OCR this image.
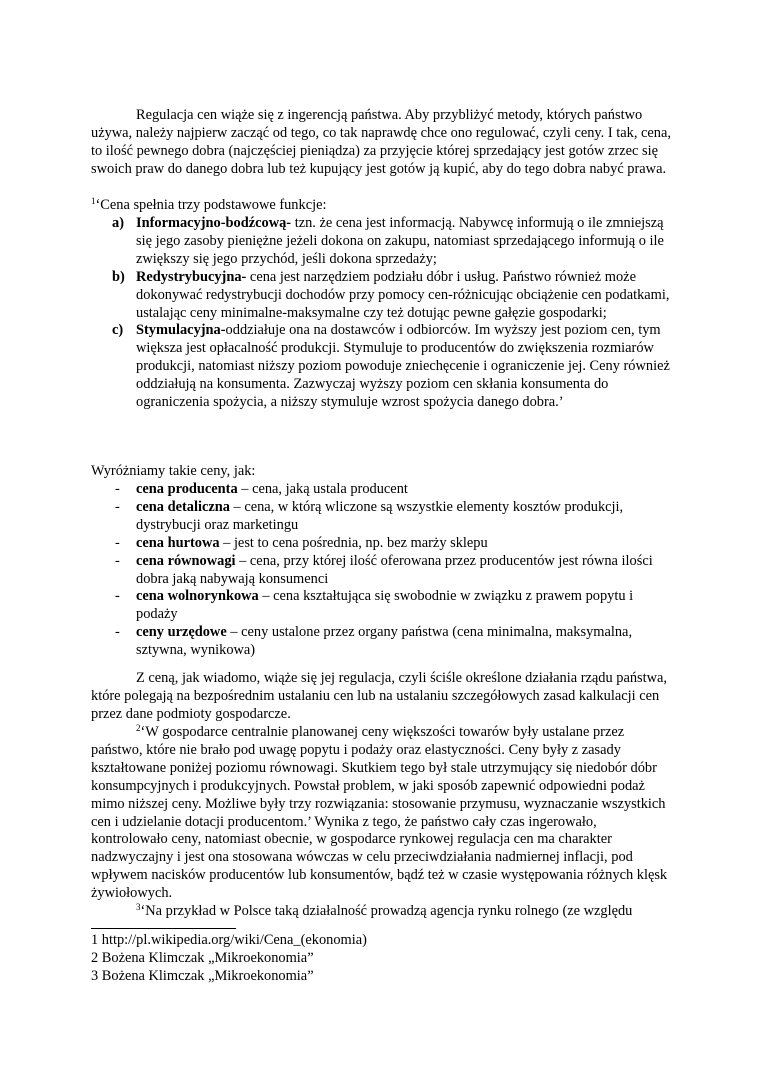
Regulacja cen wiąże się z ingerencją państwa. Aby przybliżyć metody, których państwo używa, należy najpierw zacząć od tego, co tak naprawdę chce ono regulować, czyli ceny. I tak, cena, to ilość pewnego dobra (najczęściej pieniądza) za przyjęcie której sprzedający jest gotów zrzec się swoich praw do danego dobra lub też kupujący jest gotów ją kupić, aby do tego dobra nabyć prawa.

$^1$‘Cena spełnia trzy podstawowe funkcje:

a) Informacyjno-bodźcową- tzn. że cena jest informacją. Nabywcę informują o ile zmniejszą się jego zasoby pieniężne jeżeli dokona on zakupu, natomiast sprzedającego informują o ile zwiększy się jego przychód, jeśli dokona sprzedaży;
b) Redystrybucyjna- cena jest narzędziem podziału dóbr i usług. Państwo również może dokonywać redystrybucji dochodów przy pomocy cen-różnicując obciążenie cen podatkami, ustalając ceny minimalne-maksymalne czy też dotując pewne gałęzie gospodarki;
c) Stymulacyjna-oddziałuje ona na dostawców i odbiorców. Im wyższy jest poziom cen, tym większa jest opłacalność produkcji. Stymuluje to producentów do zwiększenia rozmiarów produkcji, natomiast niższy poziom powoduje zniechęcenie i ograniczenie jej. Ceny również oddziałują na konsumenta. Zazwyczaj wyższy poziom cen skłania konsumenta do ograniczenia spożycia, a niższy stymuluje wzrost spożycia danego dobra.’

Wyróżniamy takie ceny, jak:

- cena producenta – cena, jaką ustala producent
- cena detaliczna – cena, w którą wliczone są wszystkie elementy kosztów produkcji, dystrybucji oraz marketingu
- cena hurtowa – jest to cena pośrednia, np. bez marży sklepu
- cena równowagi – cena, przy której ilość oferowana przez producentów jest równa ilości dobra jaką nabywają konsumenci
- cena wolnorynkowa – cena kształtująca się swobodnie w związku z prawem popytu i podaży
- ceny urzędowe – ceny ustalone przez organy państwa (cena minimalna, maksymalna, sztywna, wynikowa)

Z ceną, jak wiadomo, wiąże się jej regulacja, czyli ściśle określone działania rządu państwa, które polegają na bezpośrednim ustalaniu cen lub na ustalaniu szczegółowych zasad kalkulacji cen przez dane podmioty gospodarcze.

$^2$‘W gospodarce centralnie planowanej ceny większości towarów były ustalane przez państwo, które nie brało pod uwagę popytu i podaży oraz elastyczności. Ceny były z zasady kształtowane poniżej poziomu równowagi. Skutkiem tego był stale utrzymujący się niedobór dóbr konsumpcyjnych i produkcyjnych. Powstał problem, w jaki sposób zapewnić odpowiedni podaż mimo niższej ceny. Możliwe były trzy rozwiązania: stosowanie przymusu, wyznaczanie wszystkich cen i udzielanie dotacji producentom.’ Wynika z tego, że państwo cały czas ingerowało, kontrolowało ceny, natomiast obecnie, w gospodarce rynkowej regulacja cen ma charakter nadzwyczajny i jest ona stosowana wówczas w celu przeciwdziałania nadmiernej inflacji, pod wpływem nacisków producentów lub konsumentów, bądź też w czasie występowania różnych klęsk żywiołowych.

$^3$‘Na przykład w Polsce taką działalność prowadzą agencja rynku rolnego (ze względu

1 http://pl.wikipedia.org/wiki/Cena_(ekonomia)
2 Bożena Klimczak „Mikroekonomia”
3 Bożena Klimczak „Mikroekonomia”
